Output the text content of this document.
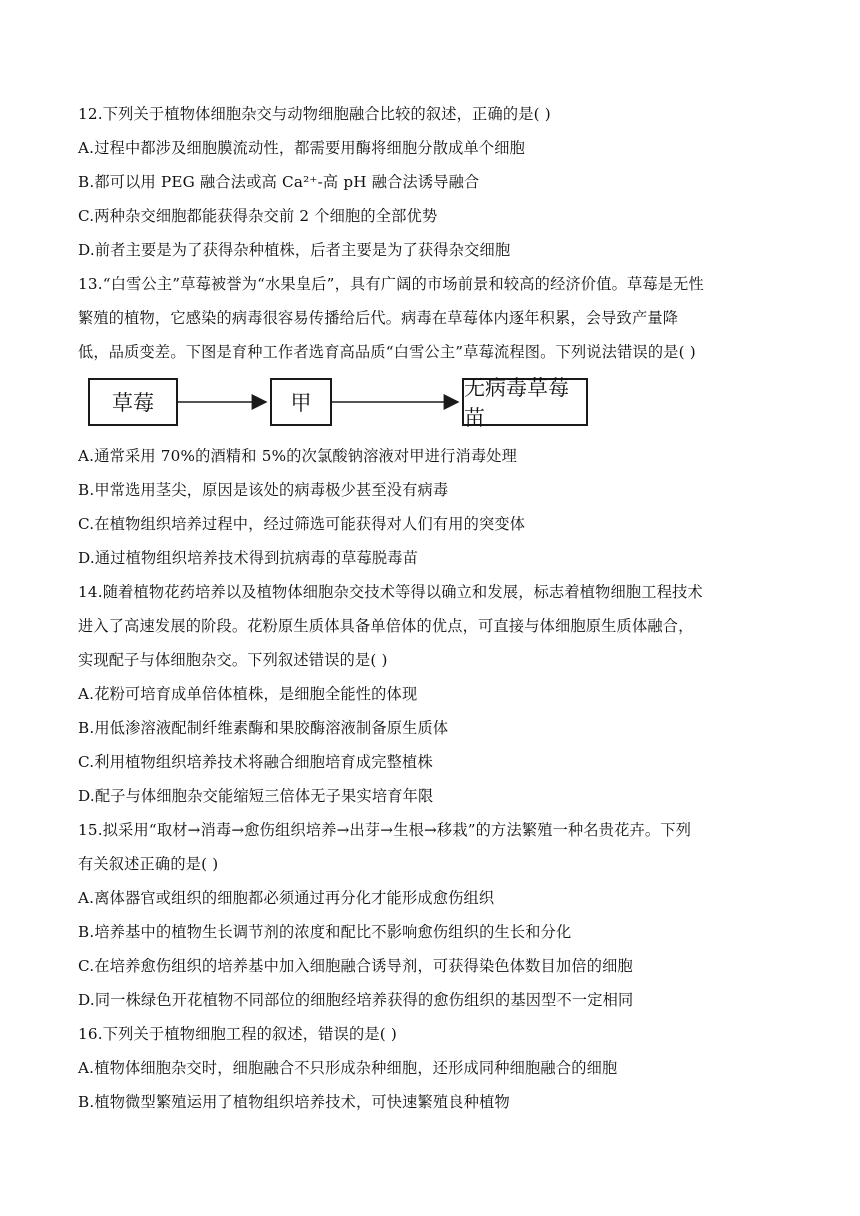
12.下列关于植物体细胞杂交与动物细胞融合比较的叙述，正确的是( )
A.过程中都涉及细胞膜流动性，都需要用酶将细胞分散成单个细胞
B.都可以用 PEG 融合法或高 Ca²⁺-高 pH 融合法诱导融合
C.两种杂交细胞都能获得杂交前 2 个细胞的全部优势
D.前者主要是为了获得杂种植株，后者主要是为了获得杂交细胞
13.“白雪公主”草莓被誉为“水果皇后”，具有广阔的市场前景和较高的经济价值。草莓是无性
繁殖的植物，它感染的病毒很容易传播给后代。病毒在草莓体内逐年积累，会导致产量降
低，品质变差。下图是育种工作者选育高品质“白雪公主”草莓流程图。下列说法错误的是( )
草莓	甲
无病毒草莓苗
A.通常采用 70%的酒精和 5%的次氯酸钠溶液对甲进行消毒处理
B.甲常选用茎尖，原因是该处的病毒极少甚至没有病毒
C.在植物组织培养过程中，经过筛选可能获得对人们有用的突变体
D.通过植物组织培养技术得到抗病毒的草莓脱毒苗
14.随着植物花药培养以及植物体细胞杂交技术等得以确立和发展，标志着植物细胞工程技术
进入了高速发展的阶段。花粉原生质体具备单倍体的优点，可直接与体细胞原生质体融合，
实现配子与体细胞杂交。下列叙述错误的是( )
A.花粉可培育成单倍体植株，是细胞全能性的体现
B.用低渗溶液配制纤维素酶和果胶酶溶液制备原生质体
C.利用植物组织培养技术将融合细胞培育成完整植株
D.配子与体细胞杂交能缩短三倍体无子果实培育年限
15.拟采用“取材→消毒→愈伤组织培养→出芽→生根→移栽”的方法繁殖一种名贵花卉。下列
有关叙述正确的是( )
A.离体器官或组织的细胞都必须通过再分化才能形成愈伤组织
B.培养基中的植物生长调节剂的浓度和配比不影响愈伤组织的生长和分化
C.在培养愈伤组织的培养基中加入细胞融合诱导剂，可获得染色体数目加倍的细胞
D.同一株绿色开花植物不同部位的细胞经培养获得的愈伤组织的基因型不一定相同
16.下列关于植物细胞工程的叙述，错误的是( )
A.植物体细胞杂交时，细胞融合不只形成杂种细胞，还形成同种细胞融合的细胞
B.植物微型繁殖运用了植物组织培养技术，可快速繁殖良种植物
